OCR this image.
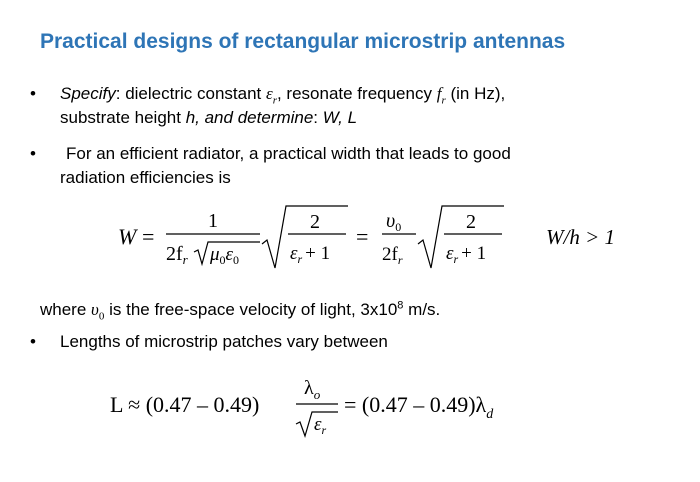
Practical designs of rectangular microstrip antennas
• Specify: dielectric constant $\varepsilon_r$, resonate frequency $f_r$ (in Hz),
substrate height h, and determine: W, L
• For an efficient radiator, a practical width that leads to good
radiation efficiencies is
W =
1
$2f_r$ $\mu_0\varepsilon_0$
2
$\varepsilon_r + 1$
=
$\upsilon_0$
$2f_r$
2
$\varepsilon_r + 1$
W/h > 1
where $\upsilon_0$ is the free-space velocity of light, $3x10^8$ m/s.
• Lengths of microstrip patches vary between
L ≈ (0.47 – 0.49)
$\lambda_o$
$\varepsilon_r$
= $(0.47 - 0.49)\lambda_d$
